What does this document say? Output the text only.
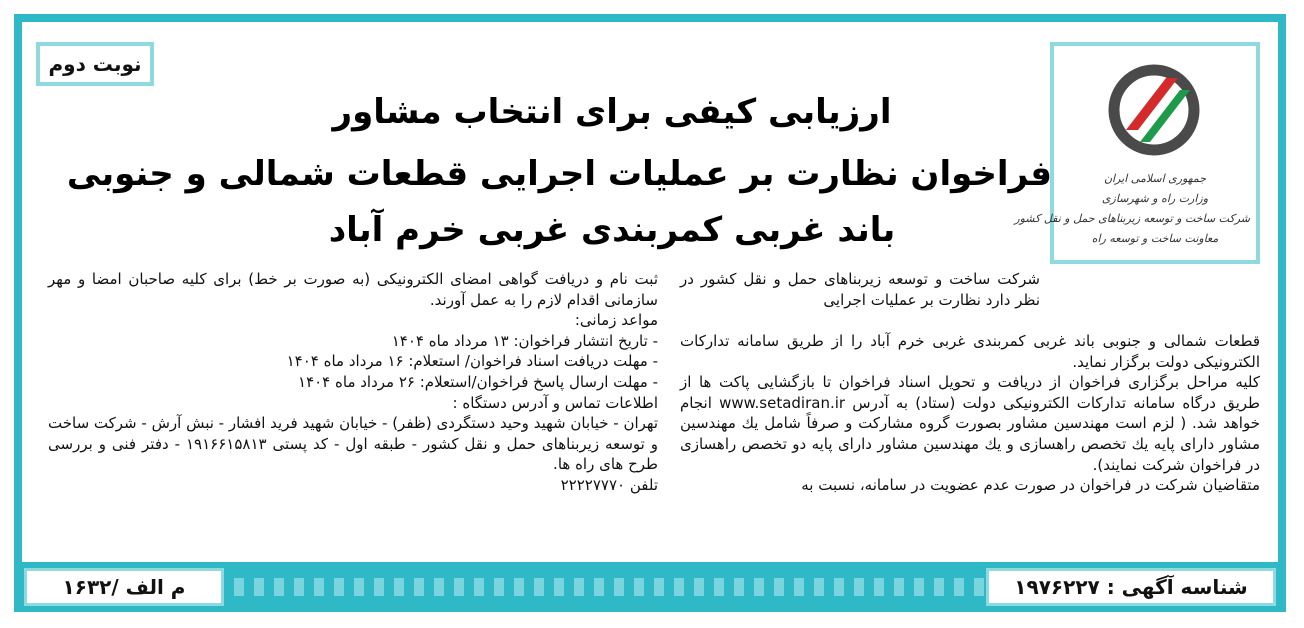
نوبت دوم
جمهوری اسلامی ایران
وزارت راه و شهرسازی
شرکت ساخت و توسعه زیربناهای حمل و نقل کشور
معاونت ساخت و توسعه راه
ارزیابی کیفی برای انتخاب مشاور
فراخوان نظارت بر عملیات اجرایی قطعات شمالی و جنوبی
باند غربی کمربندی غربی خرم آباد

شرکت ساخت و توسعه زیربناهای حمل و نقل کشور در نظر دارد نظارت بر عملیات اجرایی

قطعات شمالی و جنوبی باند غربی کمربندی غربی خرم آباد را از طریق سامانه تدارکات الکترونیکی دولت برگزار نماید.

کلیه مراحل برگزاری فراخوان از دریافت و تحویل اسناد فراخوان تا بازگشایی پاکت ها از طریق درگاه سامانه تدارکات الکترونیکی دولت (ستاد) به آدرس www.setadiran.ir انجام خواهد شد. ( لزم است مهندسین مشاور بصورت گروه مشارکت و صرفاً شامل یك مهندسین مشاور دارای پایه یك تخصص راهسازی و یك مهندسین مشاور دارای پایه دو تخصص راهسازی در فراخوان شرکت نمایند).

متقاضیان شرکت در فراخوان در صورت عدم عضویت در سامانه، نسبت به

ثبت نام و دریافت گواهی امضای الکترونیکی (به صورت بر خط) برای کلیه صاحبان امضا و مهر سازمانی اقدام لازم را به عمل آورند.

مواعد زمانی:

- تاریخ انتشار فراخوان: ۱۳ مرداد ماه ۱۴۰۴

- مهلت دریافت اسناد فراخوان/ استعلام: ۱۶ مرداد ماه ۱۴۰۴

- مهلت ارسال پاسخ فراخوان/استعلام: ۲۶ مرداد ماه ۱۴۰۴

اطلاعات تماس و آدرس دستگاه :

تهران - خیابان شهید وحید دستگردی (ظفر) - خیابان شهید فرید افشار - نبش آرش - شرکت ساخت و توسعه زیربناهای حمل و نقل کشور - طبقه اول - کد پستی ۱۹۱۶۶۱۵۸۱۳ - دفتر فنی و بررسی طرح های راه ها.

تلفن ۲۲۲۲۷۷۷۰

م الف /۱۶۳۲	شناسه آگهی : ۱۹۷۶۲۲۷
